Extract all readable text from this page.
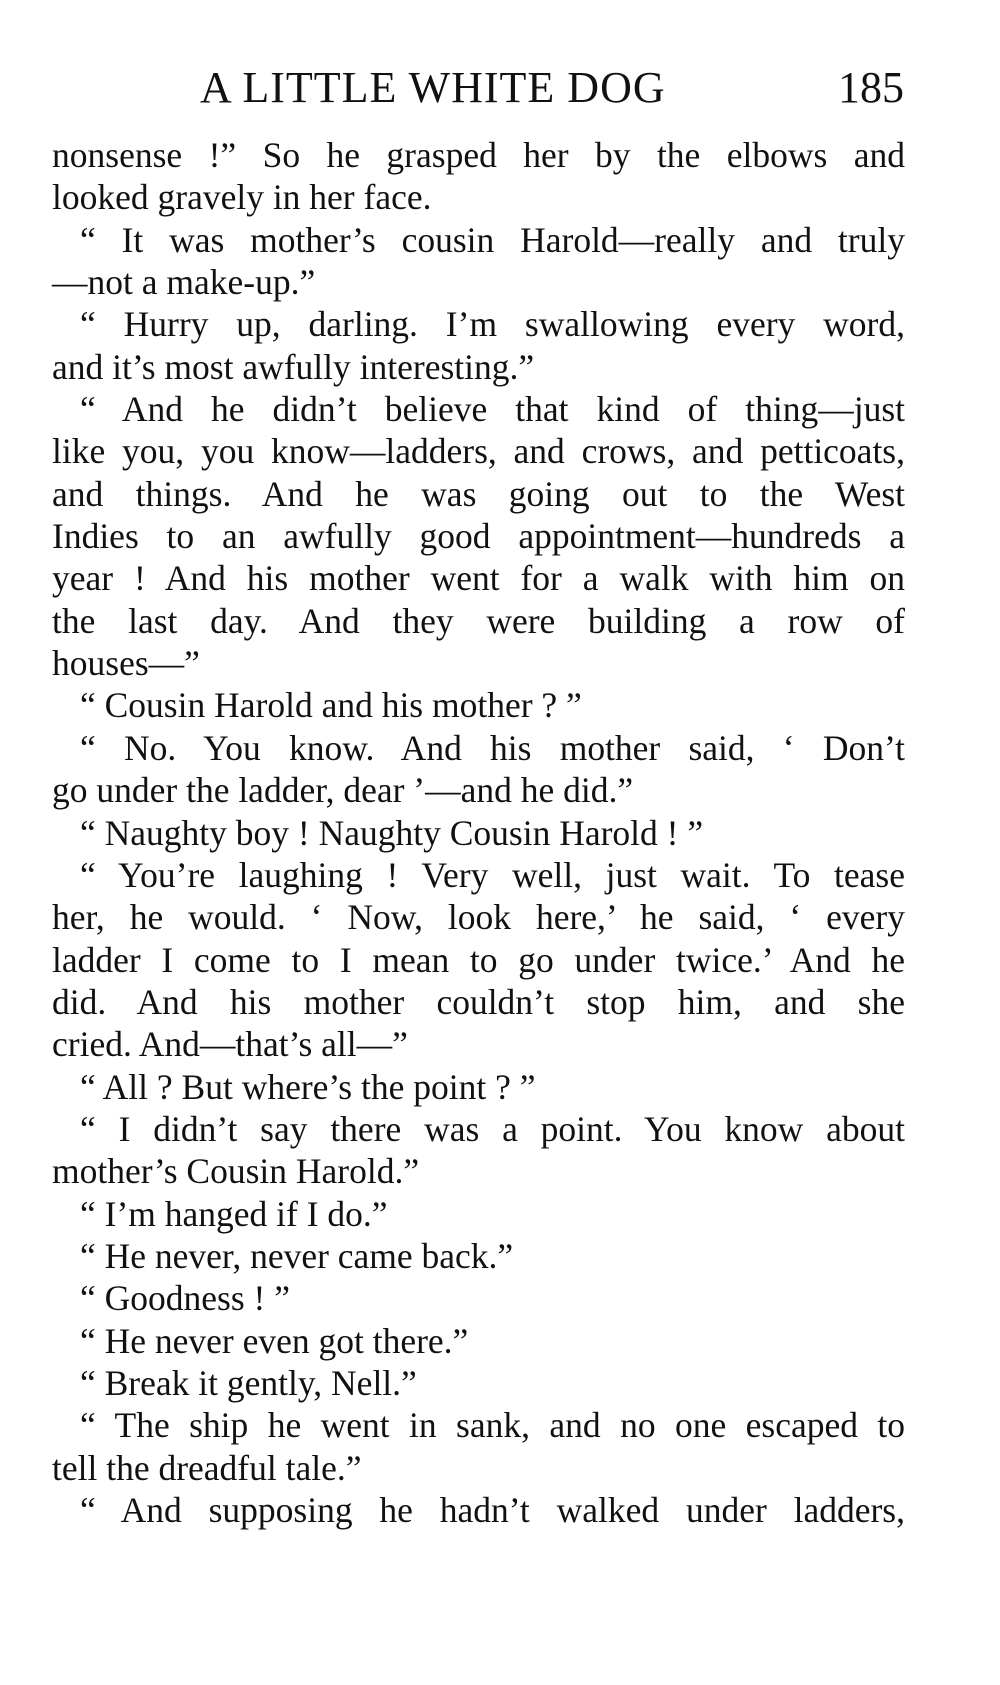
A LITTLE WHITE DOG	185
nonsense !” So he grasped her by the elbows and
looked gravely in her face.
“ It was mother’s cousin Harold—really and truly
—not a make-up.”
“ Hurry up, darling. I’m swallowing every word,
and it’s most awfully interesting.”
“ And he didn’t believe that kind of thing—just
like you, you know—ladders, and crows, and petticoats,
and things. And he was going out to the West
Indies to an awfully good appointment—hundreds a
year ! And his mother went for a walk with him on
the last day. And they were building a row of
houses—”
“ Cousin Harold and his mother ? ”
“ No. You know. And his mother said, ‘ Don’t
go under the ladder, dear ’—and he did.”
“ Naughty boy ! Naughty Cousin Harold ! ”
“ You’re laughing ! Very well, just wait. To tease
her, he would. ‘ Now, look here,’ he said, ‘ every
ladder I come to I mean to go under twice.’ And he
did. And his mother couldn’t stop him, and she
cried. And—that’s all—”
“ All ? But where’s the point ? ”
“ I didn’t say there was a point. You know about
mother’s Cousin Harold.”
“ I’m hanged if I do.”
“ He never, never came back.”
“ Goodness ! ”
“ He never even got there.”
“ Break it gently, Nell.”
“ The ship he went in sank, and no one escaped to
tell the dreadful tale.”
“ And supposing he hadn’t walked under ladders,
